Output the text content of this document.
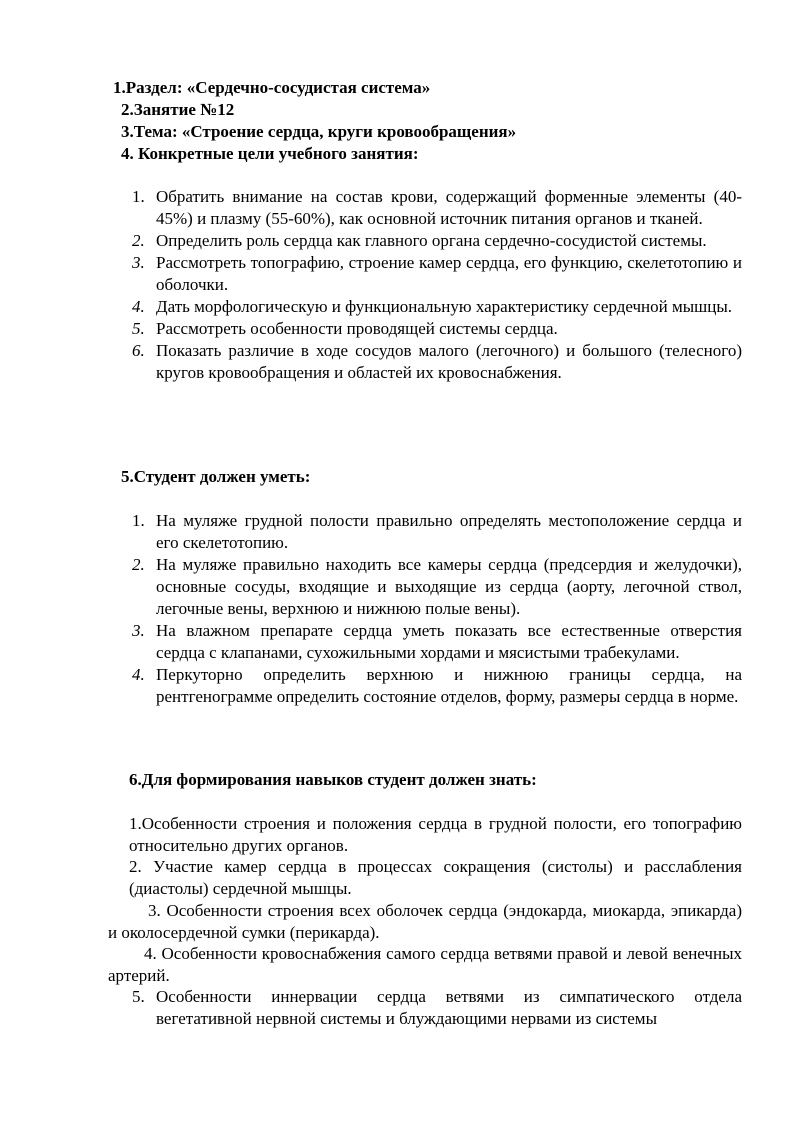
1.Раздел: «Сердечно-сосудистая система»
2.Занятие №12
3.Тема: «Строение сердца, круги кровообращения»
4. Конкретные цели учебного занятия:
1. Обратить внимание на состав крови, содержащий форменные элементы (40-45%) и плазму (55-60%), как основной источник питания органов и тканей.
2. Определить роль сердца как главного органа сердечно-сосудистой системы.
3. Рассмотреть топографию, строение камер сердца, его функцию, скелетотопию и оболочки.
4. Дать морфологическую и функциональную характеристику сердечной мышцы.
5. Рассмотреть особенности проводящей системы сердца.
6. Показать различие в ходе сосудов малого (легочного) и большого (телесного) кругов кровообращения и областей их кровоснабжения.
5.Студент должен уметь:
1. На муляже грудной полости правильно определять местоположение сердца и его скелетотопию.
2. На муляже правильно находить все камеры сердца (предсердия и желудочки), основные сосуды, входящие и выходящие из сердца (аорту, легочной ствол, легочные вены, верхнюю и нижнюю полые вены).
3. На влажном препарате сердца уметь показать все естественные отверстия сердца с клапанами, сухожильными хордами и мясистыми трабекулами.
4. Перкуторно определить верхнюю и нижнюю границы сердца, на рентгенограмме определить состояние отделов, форму, размеры сердца в норме.
6.Для формирования навыков студент должен знать:
1.Особенности строения и положения сердца в грудной полости, его топографию относительно других органов.
2. Участие камер сердца в процессах сокращения (систолы) и расслабления (диастолы) сердечной мышцы.
3. Особенности строения всех оболочек сердца (эндокарда, миокарда, эпикарда) и околосердечной сумки (перикарда).
4. Особенности кровоснабжения самого сердца ветвями правой и левой венечных артерий.
5. Особенности иннервации сердца ветвями из симпатического отдела вегетативной нервной системы и блуждающими нервами из системы
